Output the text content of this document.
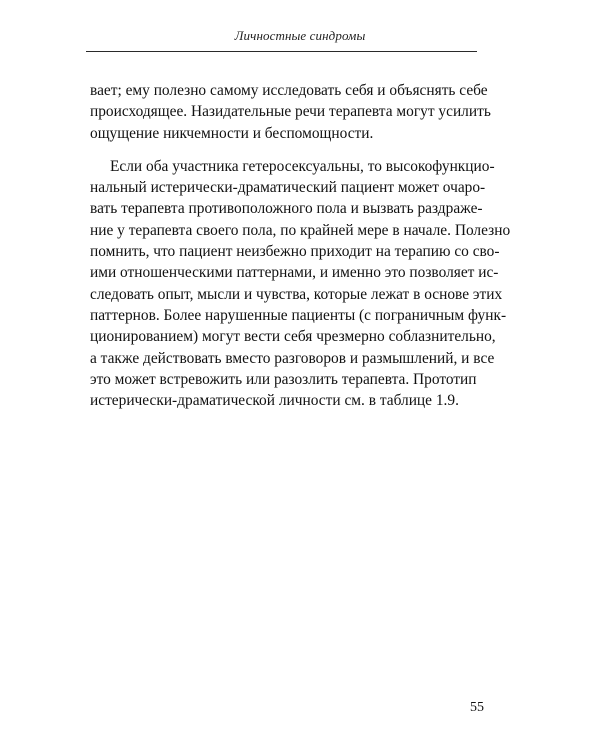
Личностные синдромы

вает; ему полезно самому исследовать себя и объяснять себе
происходящее. Назидательные речи терапевта могут усилить
ощущение никчемности и беспомощности.

Если оба участника гетеросексуальны, то высокофункцио-
нальный истерически-драматический пациент может очаро-
вать терапевта противоположного пола и вызвать раздраже-
ние у терапевта своего пола, по крайней мере в начале. Полезно
помнить, что пациент неизбежно приходит на терапию со сво-
ими отношенческими паттернами, и именно это позволяет ис-
следовать опыт, мысли и чувства, которые лежат в основе этих
паттернов. Более нарушенные пациенты (с пограничным функ-
ционированием) могут вести себя чрезмерно соблазнительно,
а также действовать вместо разговоров и размышлений, и все
это может встревожить или разозлить терапевта. Прототип
истерически-драматической личности см. в таблице 1.9.

55
